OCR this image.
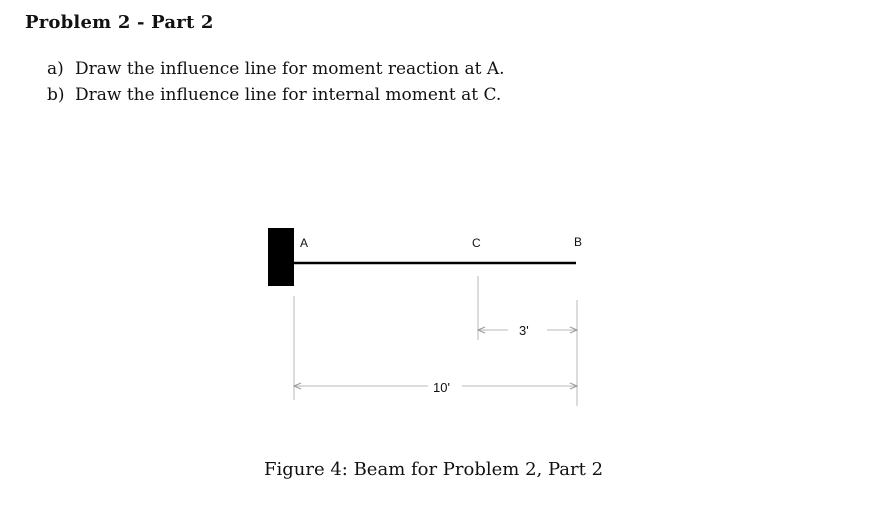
Problem 2 - Part 2
a) Draw the influence line for moment reaction at A.
b) Draw the influence line for internal moment at C.
A	C	B
3'
10'
Figure 4: Beam for Problem 2, Part 2
